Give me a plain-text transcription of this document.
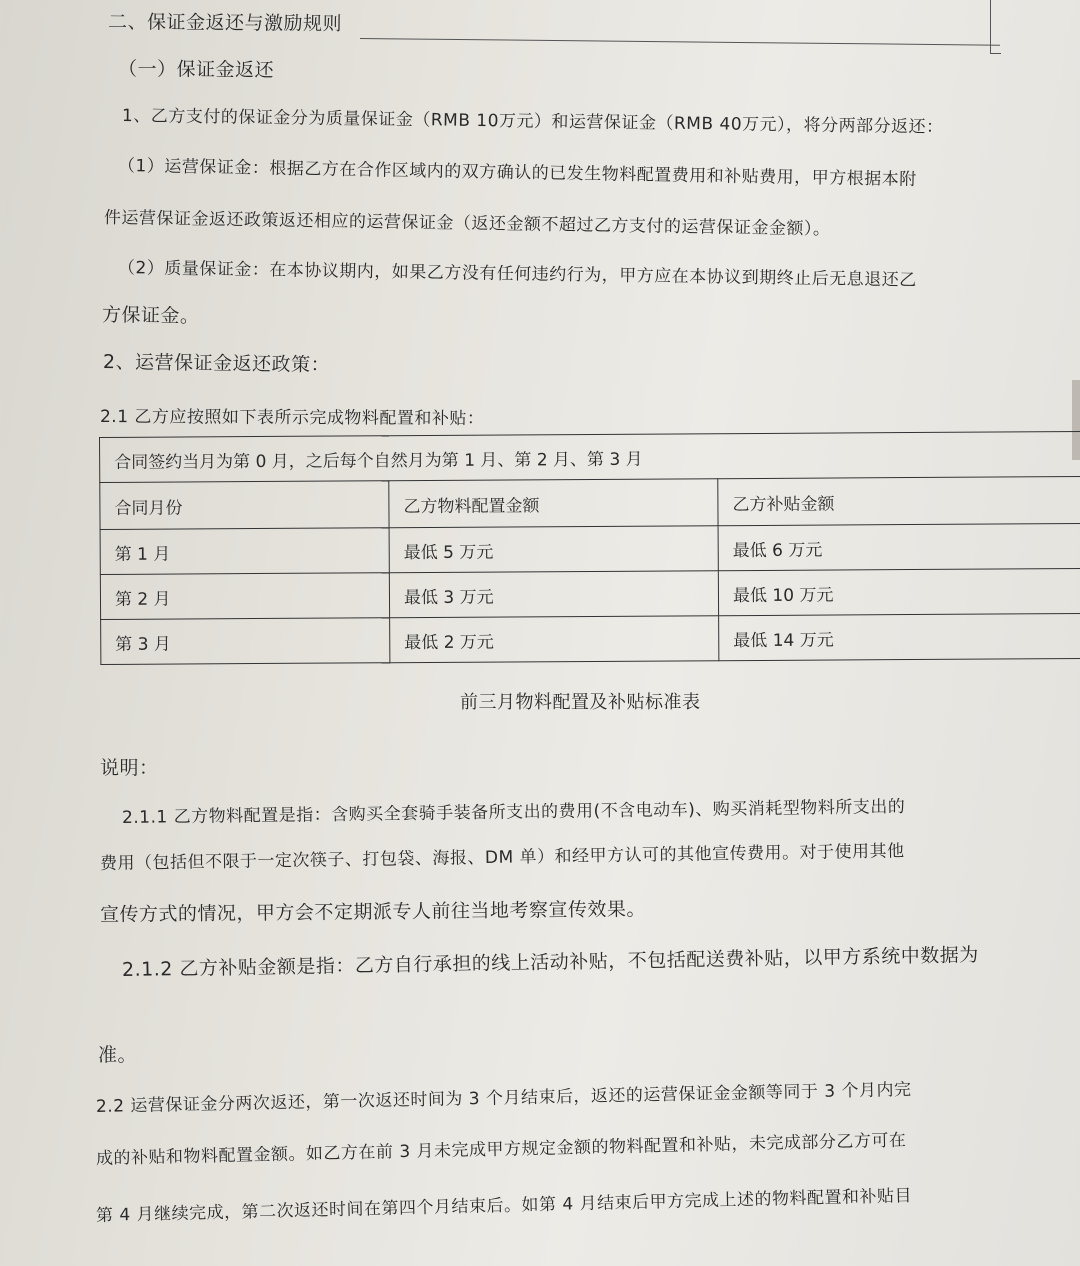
二、保证金返还与激励规则
（一）保证金返还
1、乙方支付的保证金分为质量保证金（RMB 10万元）和运营保证金（RMB 40万元），将分两部分返还：
（1）运营保证金：根据乙方在合作区域内的双方确认的已发生物料配置费用和补贴费用，甲方根据本附
件运营保证金返还政策返还相应的运营保证金（返还金额不超过乙方支付的运营保证金金额）。
（2）质量保证金：在本协议期内，如果乙方没有任何违约行为，甲方应在本协议到期终止后无息退还乙
方保证金。
2、运营保证金返还政策：
2.1 乙方应按照如下表所示完成物料配置和补贴：
合同签约当月为第 0 月，之后每个自然月为第 1 月、第 2 月、第 3 月		
合同月份	乙方物料配置金额	乙方补贴金额
第 1 月	最低 5 万元	最低 6 万元
第 2 月	最低 3 万元	最低 10 万元
第 3 月	最低 2 万元	最低 14 万元
前三月物料配置及补贴标准表
说明：
2.1.1 乙方物料配置是指：含购买全套骑手装备所支出的费用(不含电动车)、购买消耗型物料所支出的
费用（包括但不限于一定次筷子、打包袋、海报、DM 单）和经甲方认可的其他宣传费用。对于使用其他
宣传方式的情况，甲方会不定期派专人前往当地考察宣传效果。
2.1.2 乙方补贴金额是指：乙方自行承担的线上活动补贴，不包括配送费补贴，以甲方系统中数据为
准。
2.2 运营保证金分两次返还，第一次返还时间为 3 个月结束后，返还的运营保证金金额等同于 3 个月内完
成的补贴和物料配置金额。如乙方在前 3 月未完成甲方规定金额的物料配置和补贴，未完成部分乙方可在
第 4 月继续完成，第二次返还时间在第四个月结束后。如第 4 月结束后甲方完成上述的物料配置和补贴目
